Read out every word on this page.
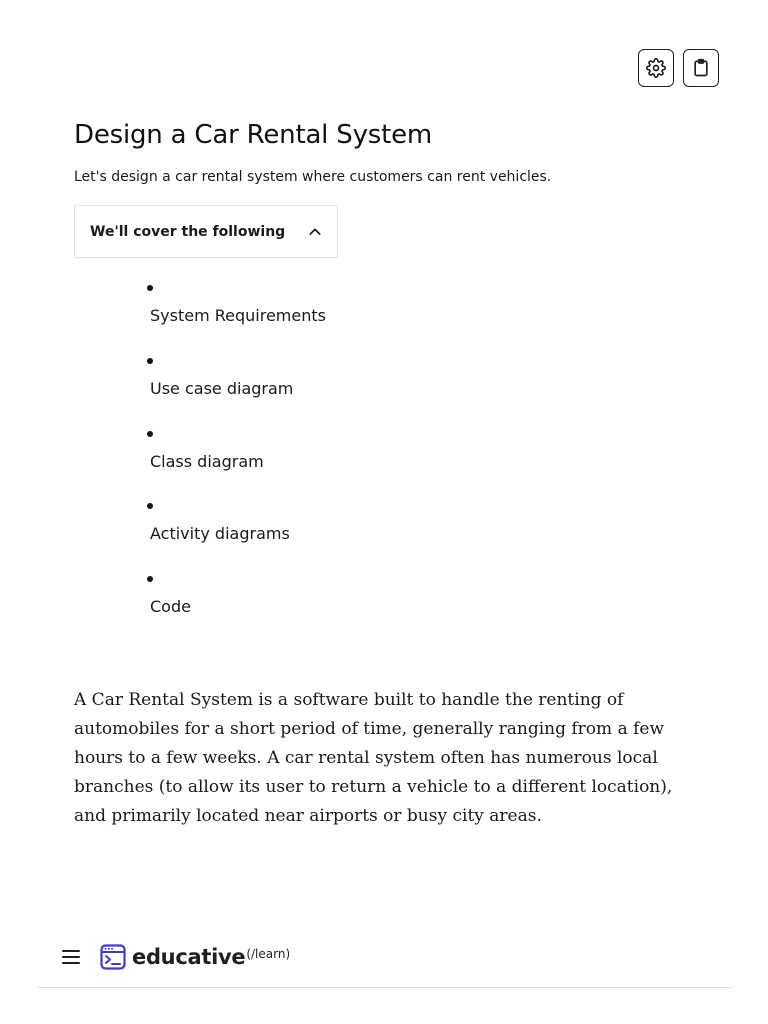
Design a Car Rental System

Let's design a car rental system where customers can rent vehicles.

We'll cover the following
System Requirements
Use case diagram
Class diagram
Activity diagrams
Code

A Car Rental System is a software built to handle the renting of automobiles for a short period of time, generally ranging from a few hours to a few weeks. A car rental system often has numerous local branches (to allow its user to return a vehicle to a different location), and primarily located near airports or busy city areas.

educative (/learn)
